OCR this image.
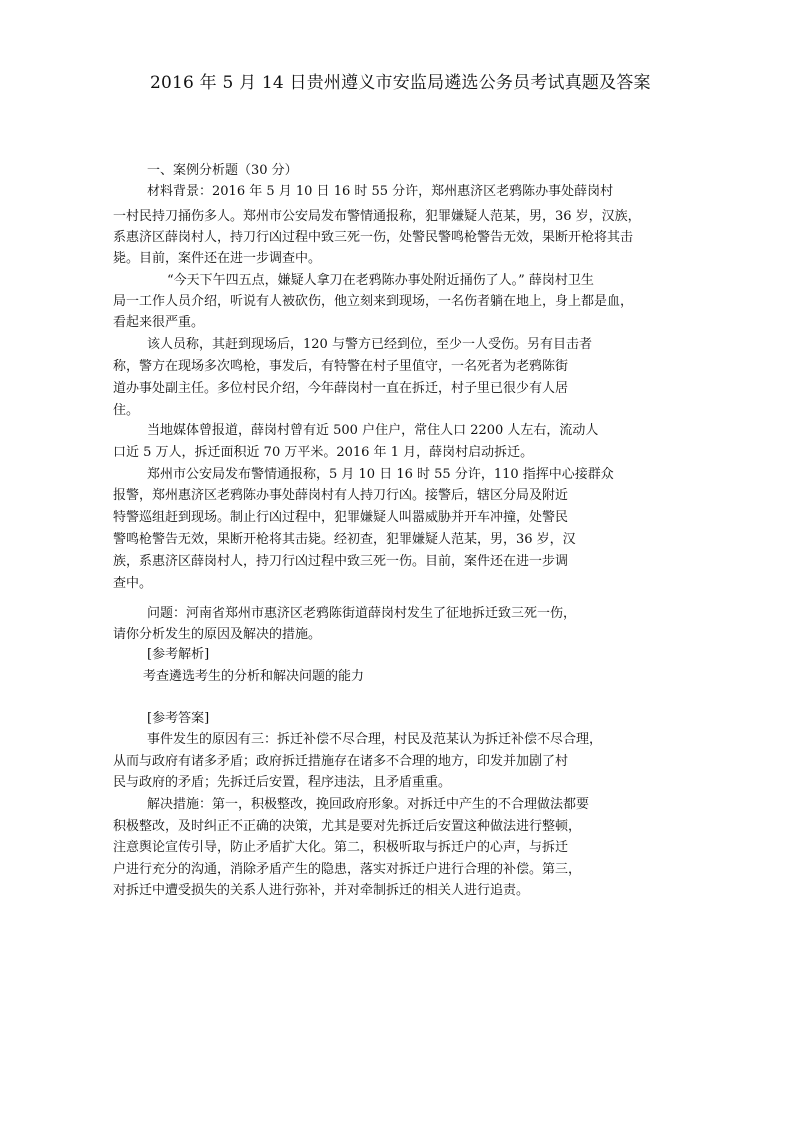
2016 年 5 月 14 日贵州遵义市安监局遴选公务员考试真题及答案
一、案例分析题（30 分）
材料背景：2016 年 5 月 10 日 16 时 55 分许，郑州惠济区老鸦陈办事处薛岗村
一村民持刀捅伤多人。郑州市公安局发布警情通报称，犯罪嫌疑人范某，男，36 岁，汉族，
系惠济区薛岗村人，持刀行凶过程中致三死一伤，处警民警鸣枪警告无效，果断开枪将其击
毙。目前，案件还在进一步调查中。
“今天下午四五点，嫌疑人拿刀在老鸦陈办事处附近捅伤了人。” 薛岗村卫生
局一工作人员介绍，听说有人被砍伤，他立刻来到现场，一名伤者躺在地上，身上都是血，
看起来很严重。
该人员称，其赶到现场后，120 与警方已经到位，至少一人受伤。另有目击者
称，警方在现场多次鸣枪，事发后，有特警在村子里值守，一名死者为老鸦陈街
道办事处副主任。多位村民介绍，今年薛岗村一直在拆迁，村子里已很少有人居
住。
当地媒体曾报道，薛岗村曾有近 500 户住户，常住人口 2200 人左右，流动人
口近 5 万人，拆迁面积近 70 万平米。2016 年 1 月，薛岗村启动拆迁。
郑州市公安局发布警情通报称，5 月 10 日 16 时 55 分许，110 指挥中心接群众
报警，郑州惠济区老鸦陈办事处薛岗村有人持刀行凶。接警后，辖区分局及附近
特警巡组赶到现场。制止行凶过程中，犯罪嫌疑人叫嚣威胁并开车冲撞，处警民
警鸣枪警告无效，果断开枪将其击毙。经初查，犯罪嫌疑人范某，男，36 岁，汉
族，系惠济区薛岗村人，持刀行凶过程中致三死一伤。目前，案件还在进一步调
查中。
问题：河南省郑州市惠济区老鸦陈街道薛岗村发生了征地拆迁致三死一伤，
请你分析发生的原因及解决的措施。
[参考解析]
考查遴选考生的分析和解决问题的能力
[参考答案]
事件发生的原因有三：拆迁补偿不尽合理，村民及范某认为拆迁补偿不尽合理，
从而与政府有诸多矛盾；政府拆迁措施存在诸多不合理的地方，印发并加剧了村
民与政府的矛盾；先拆迁后安置，程序违法，且矛盾重重。
解决措施：第一，积极整改，挽回政府形象。对拆迁中产生的不合理做法都要
积极整改，及时纠正不正确的决策，尤其是要对先拆迁后安置这种做法进行整顿，
注意舆论宣传引导，防止矛盾扩大化。第二，积极听取与拆迁户的心声，与拆迁
户进行充分的沟通，消除矛盾产生的隐患，落实对拆迁户进行合理的补偿。第三，
对拆迁中遭受损失的关系人进行弥补，并对牵制拆迁的相关人进行追责。
